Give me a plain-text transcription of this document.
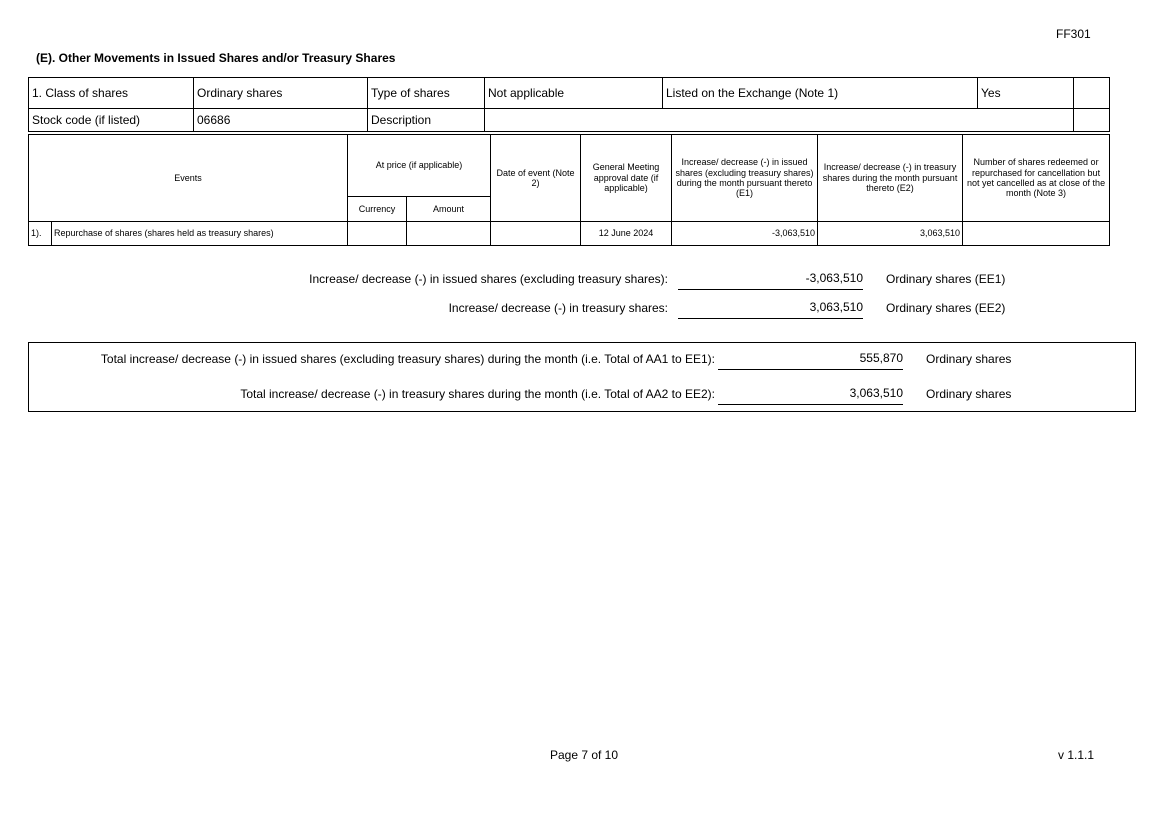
FF301
(E). Other Movements in Issued Shares and/or Treasury Shares
1. Class of shares	Ordinary shares	Type of shares	Not applicable	Listed on the Exchange (Note 1)	Yes	
Stock code (if listed)	06686	Description				
Events		At price (if applicable)		Date of event (Note 2)	General Meeting approval date (if applicable)	Increase/ decrease (-) in issued shares (excluding treasury shares) during the month pursuant thereto (E1)	Increase/ decrease (-) in treasury shares during the month pursuant thereto (E2)	Number of shares redeemed or repurchased for cancellation but not yet cancelled as at close of the month (Note 3)
		Currency	Amount					
1).	Repurchase of shares (shares held as treasury shares)				12 June 2024	-3,063,510	3,063,510	
Increase/ decrease (-) in issued shares (excluding treasury shares):	-3,063,510 Ordinary shares (EE1)
Increase/ decrease (-) in treasury shares:	3,063,510 Ordinary shares (EE2)
Total increase/ decrease (-) in issued shares (excluding treasury shares) during the month (i.e. Total of AA1 to EE1):	555,870 Ordinary shares
Total increase/ decrease (-) in treasury shares during the month (i.e. Total of AA2 to EE2):	3,063,510 Ordinary shares
Page 7 of 10	v 1.1.1
